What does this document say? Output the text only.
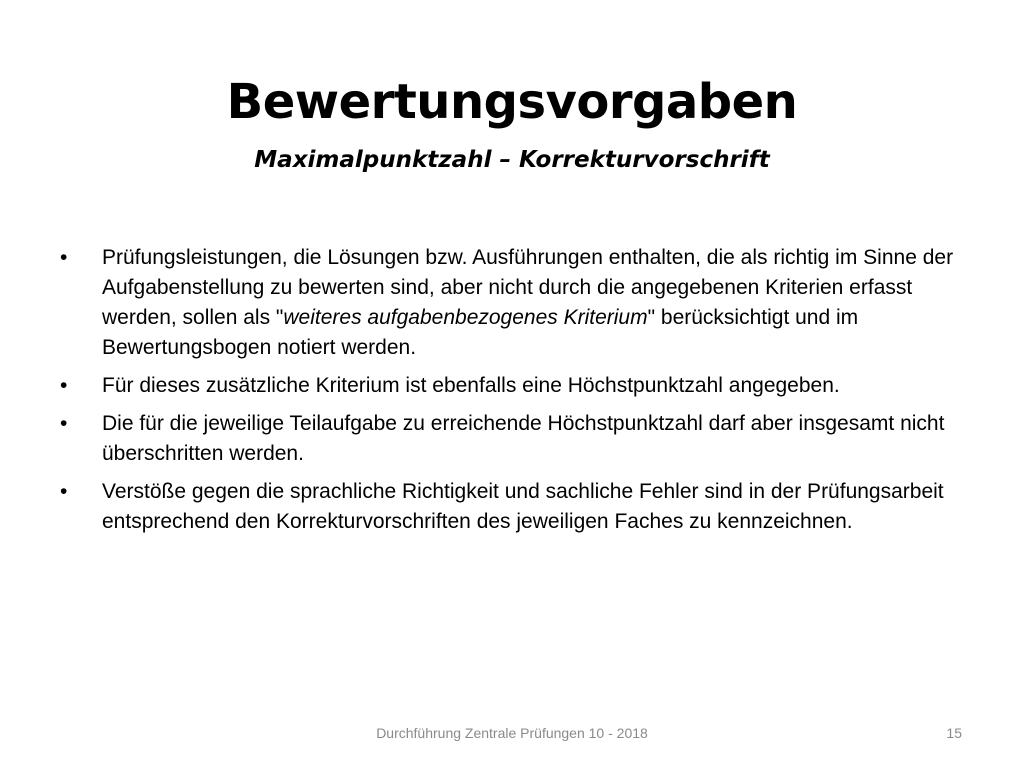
Bewertungsvorgaben
Maximalpunktzahl – Korrekturvorschrift
• Prüfungsleistungen, die Lösungen bzw. Ausführungen enthalten, die als richtig im Sinne der Aufgabenstellung zu bewerten sind, aber nicht durch die angegebenen Kriterien erfasst werden, sollen als "weiteres aufgabenbezogenes Kriterium" berücksichtigt und im Bewertungsbogen notiert werden.
• Für dieses zusätzliche Kriterium ist ebenfalls eine Höchstpunktzahl angegeben.
• Die für die jeweilige Teilaufgabe zu erreichende Höchstpunktzahl darf aber insgesamt nicht überschritten werden.
• Verstöße gegen die sprachliche Richtigkeit und sachliche Fehler sind in der Prüfungsarbeit entsprechend den Korrekturvorschriften des jeweiligen Faches zu kennzeichnen.
Durchführung Zentrale Prüfungen 10 - 2018	15
